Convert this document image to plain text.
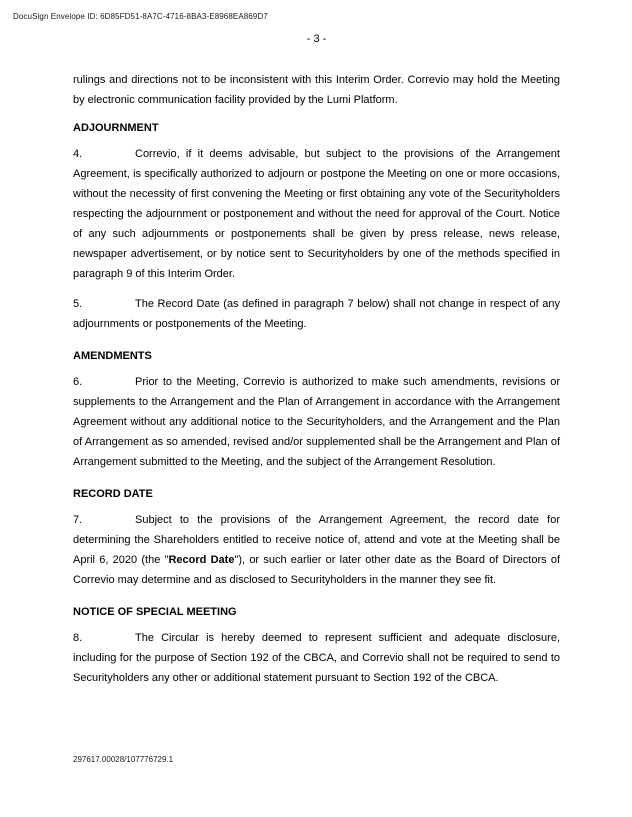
DocuSign Envelope ID: 6D85FD51-8A7C-4716-8BA3-E8968EA869D7
- 3 -

rulings and directions not to be inconsistent with this Interim Order. Correvio may hold the Meeting by electronic communication facility provided by the Lumi Platform.

ADJOURNMENT

4.	Correvio, if it deems advisable, but subject to the provisions of the Arrangement Agreement, is specifically authorized to adjourn or postpone the Meeting on one or more occasions, without the necessity of first convening the Meeting or first obtaining any vote of the Securityholders respecting the adjournment or postponement and without the need for approval of the Court. Notice of any such adjournments or postponements shall be given by press release, news release, newspaper advertisement, or by notice sent to Securityholders by one of the methods specified in paragraph 9 of this Interim Order.

5.	The Record Date (as defined in paragraph 7 below) shall not change in respect of any adjournments or postponements of the Meeting.

AMENDMENTS

6.	Prior to the Meeting, Correvio is authorized to make such amendments, revisions or supplements to the Arrangement and the Plan of Arrangement in accordance with the Arrangement Agreement without any additional notice to the Securityholders, and the Arrangement and the Plan of Arrangement as so amended, revised and/or supplemented shall be the Arrangement and Plan of Arrangement submitted to the Meeting, and the subject of the Arrangement Resolution.

RECORD DATE

7.	Subject to the provisions of the Arrangement Agreement, the record date for determining the Shareholders entitled to receive notice of, attend and vote at the Meeting shall be April 6, 2020 (the "Record Date"), or such earlier or later other date as the Board of Directors of Correvio may determine and as disclosed to Securityholders in the manner they see fit.

NOTICE OF SPECIAL MEETING

8.	The Circular is hereby deemed to represent sufficient and adequate disclosure, including for the purpose of Section 192 of the CBCA, and Correvio shall not be required to send to Securityholders any other or additional statement pursuant to Section 192 of the CBCA.

297617.00028/107776729.1
